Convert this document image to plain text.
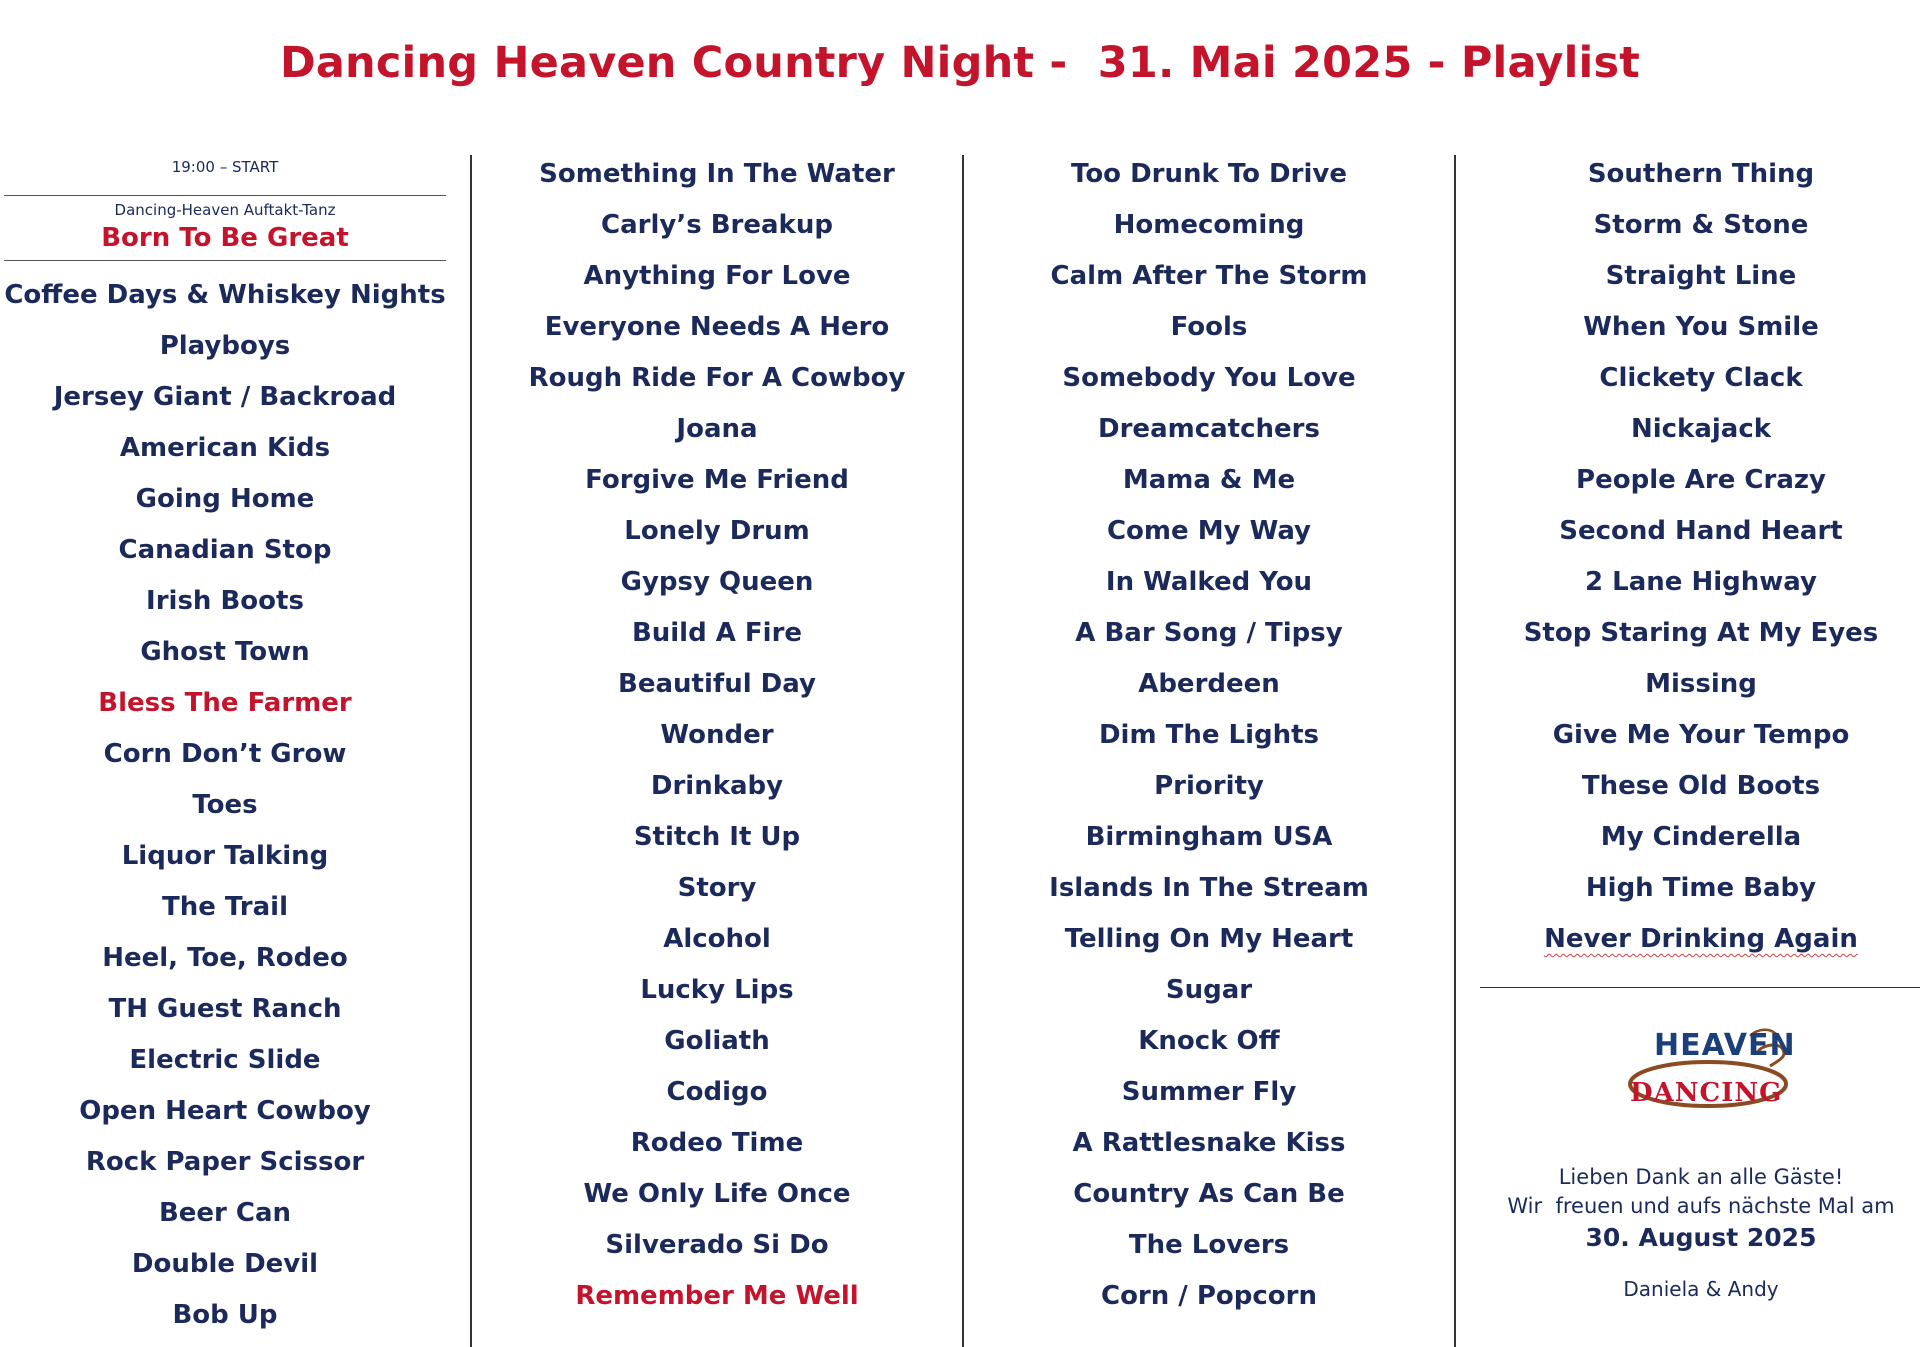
Dancing Heaven Country Night -  31. Mai 2025 - Playlist
19:00 – START
Dancing-Heaven Auftakt-Tanz
Born To Be Great
Coffee Days & Whiskey Nights
Playboys
Jersey Giant / Backroad
American Kids
Going Home
Canadian Stop
Irish Boots
Ghost Town
Bless The Farmer
Corn Don’t Grow
Toes
Liquor Talking
The Trail
Heel, Toe, Rodeo
TH Guest Ranch
Electric Slide
Open Heart Cowboy
Rock Paper Scissor
Beer Can
Double Devil
Bob Up
Something In The Water
Carly’s Breakup
Anything For Love
Everyone Needs A Hero
Rough Ride For A Cowboy
Joana
Forgive Me Friend
Lonely Drum
Gypsy Queen
Build A Fire
Beautiful Day
Wonder
Drinkaby
Stitch It Up
Story
Alcohol
Lucky Lips
Goliath
Codigo
Rodeo Time
We Only Life Once
Silverado Si Do
Remember Me Well
Too Drunk To Drive
Homecoming
Calm After The Storm
Fools
Somebody You Love
Dreamcatchers
Mama & Me
Come My Way
In Walked You
A Bar Song / Tipsy
Aberdeen
Dim The Lights
Priority
Birmingham USA
Islands In The Stream
Telling On My Heart
Sugar
Knock Off
Summer Fly
A Rattlesnake Kiss
Country As Can Be
The Lovers
Corn / Popcorn
Southern Thing
Storm & Stone
Straight Line
When You Smile
Clickety Clack
Nickajack
People Are Crazy
Second Hand Heart
2 Lane Highway
Stop Staring At My Eyes
Missing
Give Me Your Tempo
These Old Boots
My Cinderella
High Time Baby
Never Drinking Again
HEAVEN
DANCING
Lieben Dank an alle Gäste!
Wir  freuen und aufs nächste Mal am
30. August 2025
Daniela & Andy
